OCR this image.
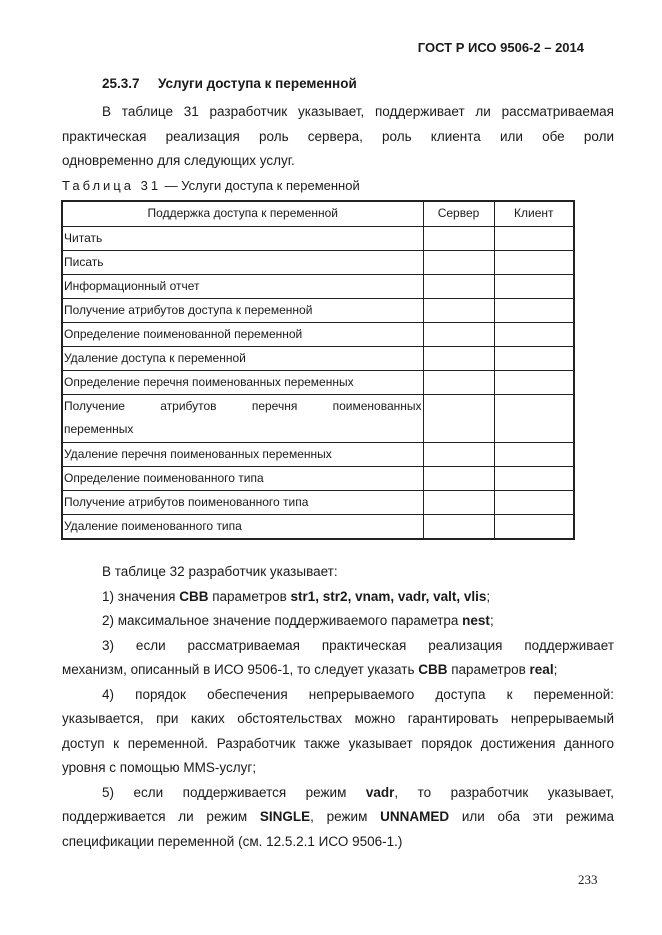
ГОСТ Р ИСО 9506-2 – 2014
25.3.7 Услуги доступа к переменной
В таблице 31 разработчик указывает, поддерживает ли рассматриваемая
практическая реализация роль сервера, роль клиента или обе роли
одновременно для следующих услуг.
Таблица 31 — Услуги доступа к переменной
Поддержка доступа к переменной	Сервер	Клиент
Читать		
Писать		
Информационный отчет		
Получение атрибутов доступа к переменной		
Определение поименованной переменной		
Удаление доступа к переменной		
Определение перечня поименованных переменных		

Получение атрибутов перечня поименованных
переменных		

Удаление перечня поименованных переменных		
Определение поименованного типа		
Получение атрибутов поименованного типа		
Удаление поименованного типа		
В таблице 32 разработчик указывает:
1) значения CBB параметров str1, str2, vnam, vadr, valt, vlis;
2) максимальное значение поддерживаемого параметра nest;
3) если рассматриваемая практическая реализация поддерживает
механизм, описанный в ИСО 9506-1, то следует указать CBB параметров real;
4) порядок обеспечения непрерываемого доступа к переменной:
указывается, при каких обстоятельствах можно гарантировать непрерываемый
доступ к переменной. Разработчик также указывает порядок достижения данного
уровня с помощью MMS-услуг;
5) если поддерживается режим vadr, то разработчик указывает,
поддерживается ли режим SINGLE, режим UNNAMED или оба эти режима
спецификации переменной (см. 12.5.2.1 ИСО 9506-1.)
233
